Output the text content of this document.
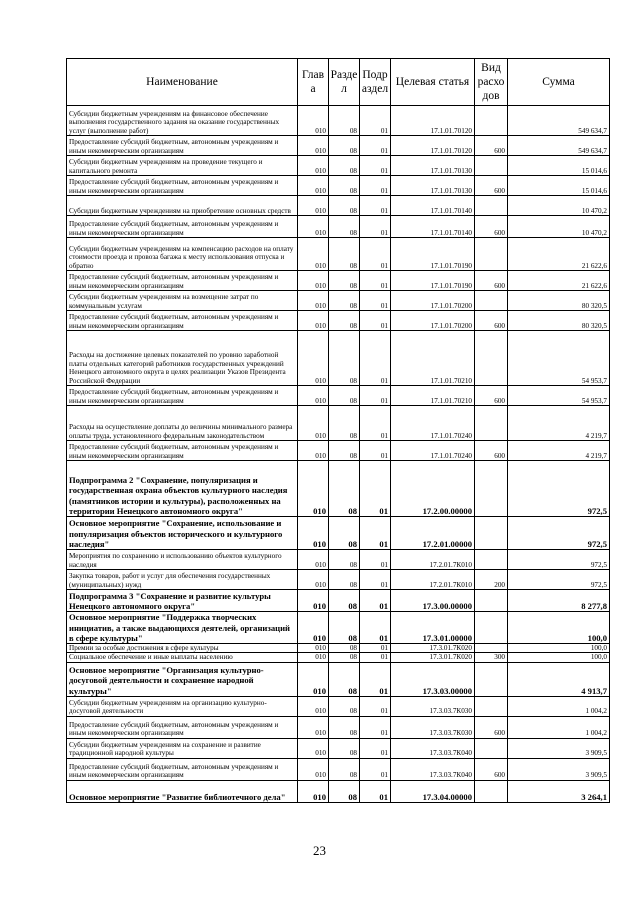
Наименование	Глав а	Разде л	Подр аздел	Целевая статья	Вид расхо дов	Сумма
Субсидии бюджетным учреждениям на финансовое обеспечение выполнения государственного задания на оказание государственных услуг (выполнение работ)	010	08	01	17.1.01.70120		549 634,7
Предоставление субсидий бюджетным, автономным учреждениям и иным некоммерческим организациям	010	08	01	17.1.01.70120	600	549 634,7
Субсидии бюджетным учреждениям на проведение текущего и капитального ремонта	010	08	01	17.1.01.70130		15 014,6
Предоставление субсидий бюджетным, автономным учреждениям и иным некоммерческим организациям	010	08	01	17.1.01.70130	600	15 014,6
Субсидии бюджетным учреждениям на приобретение основных средств	010	08	01	17.1.01.70140		10 470,2
Предоставление субсидий бюджетным, автономным учреждениям и иным некоммерческим организациям	010	08	01	17.1.01.70140	600	10 470,2
Субсидии бюджетным учреждениям на компенсацию расходов на оплату стоимости проезда и провоза багажа к месту использования отпуска и обратно	010	08	01	17.1.01.70190		21 622,6
Предоставление субсидий бюджетным, автономным учреждениям и иным некоммерческим организациям	010	08	01	17.1.01.70190	600	21 622,6
Субсидии бюджетным учреждениям на возмещение затрат по коммунальным услугам	010	08	01	17.1.01.70200		80 320,5
Предоставление субсидий бюджетным, автономным учреждениям и иным некоммерческим организациям	010	08	01	17.1.01.70200	600	80 320,5
Расходы на достижение целевых показателей по уровню заработной платы отдельных категорий работников государственных учреждений Ненецкого автономного округа в целях реализации Указов Президента Российской Федерации	010	08	01	17.1.01.70210		54 953,7
Предоставление субсидий бюджетным, автономным учреждениям и иным некоммерческим организациям	010	08	01	17.1.01.70210	600	54 953,7
Расходы на осуществление доплаты до величины минимального размера оплаты труда, установленного федеральным законодательством	010	08	01	17.1.01.70240		4 219,7
Предоставление субсидий бюджетным, автономным учреждениям и иным некоммерческим организациям	010	08	01	17.1.01.70240	600	4 219,7
Подпрограмма 2 "Сохранение, популяризация и государственная охрана объектов культурного наследия (памятников истории и культуры), расположенных на территории Ненецкого автономного округа"	010	08	01	17.2.00.00000		972,5
Основное мероприятие "Сохранение, использование и популяризация объектов исторического и культурного наследия"	010	08	01	17.2.01.00000		972,5
Мероприятия по сохранению и использованию объектов культурного наследия	010	08	01	17.2.01.7К010		972,5
Закупка товаров, работ и услуг для обеспечения государственных (муниципальных) нужд	010	08	01	17.2.01.7К010	200	972,5
Подпрограмма 3 "Сохранение и развитие культуры Ненецкого автономного округа"	010	08	01	17.3.00.00000		8 277,8
Основное мероприятие "Поддержка творческих инициатив, а также выдающихся деятелей, организаций в сфере культуры"	010	08	01	17.3.01.00000		100,0
Премии за особые достижения в сфере культуры	010	08	01	17.3.01.7К020		100,0
Социальное обеспечение и иные выплаты населению	010	08	01	17.3.01.7К020	300	100,0
Основное мероприятие "Организация культурно-досуговой деятельности и сохранение народной культуры"	010	08	01	17.3.03.00000		4 913,7
Субсидии бюджетным учреждениям на организацию культурно-досуговой деятельности	010	08	01	17.3.03.7К030		1 004,2
Предоставление субсидий бюджетным, автономным учреждениям и иным некоммерческим организациям	010	08	01	17.3.03.7К030	600	1 004,2
Субсидии бюджетным учреждениям на сохранение и развитие традиционной народной культуры	010	08	01	17.3.03.7К040		3 909,5
Предоставление субсидий бюджетным, автономным учреждениям и иным некоммерческим организациям	010	08	01	17.3.03.7К040	600	3 909,5
Основное мероприятие "Развитие библиотечного дела"	010	08	01	17.3.04.00000		3 264,1
23
